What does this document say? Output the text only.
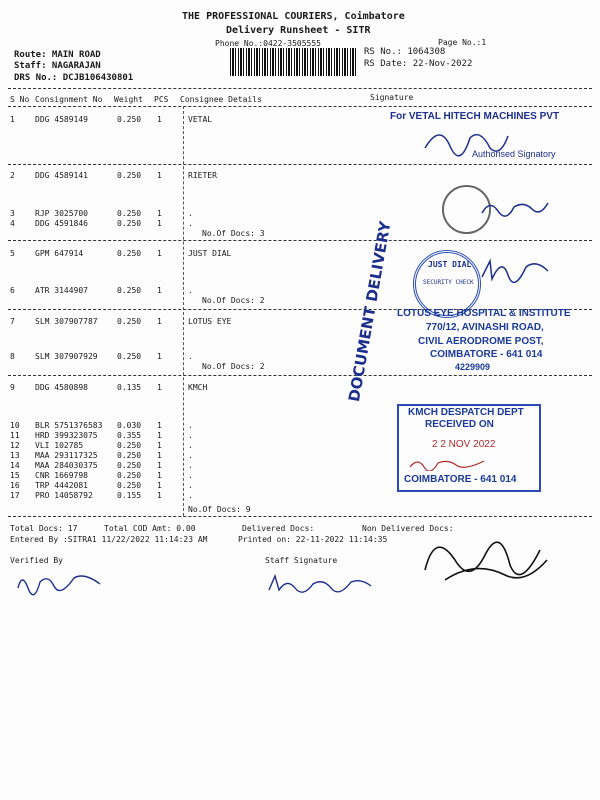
THE PROFESSIONAL COURIERS, Coimbatore
Delivery Runsheet - SITR
Phone No.:0422-3505555	Page No.:1
Route: MAIN ROAD
Staff: NAGARAJAN
DRS No.: DCJB106430801
RS No.: 1064308
RS Date: 22-Nov-2022
S No Consignment No Weight PCS Consignee Details	Signature
1	DDG 4589149	0.250 1	VETAL
2	DDG 4589141	0.250 1	RIETER
3	RJP 3025700	0.250 1	.
4	DDG 4591846	0.250 1	.
No.Of Docs: 3
5	GPM 647914	0.250 1	JUST DIAL
6	ATR 3144907	0.250 1	.
No.Of Docs: 2
7	SLM 307907787 0.250 1	LOTUS EYE
8	SLM 307907929 0.250 1	.
No.Of Docs: 2
9	DDG 4580898	0.135 1	KMCH
10 BLR 5751376583 0.030 1	.
11 HRD 399323075 0.355 1	.
12 VLI 102785	0.250 1	.
13 MAA 293117325 0.250 1	.
14 MAA 284030375 0.250 1	.
15 CNR 1669798	0.250 1	.
16 TRP 4442081	0.250 1	.
17 PRO 14058792	0.155 1	.
No.Of Docs: 9
Total Docs: 17	Total COD Amt: 0.00	Delivered Docs:	Non Delivered Docs:
Entered By :SITRA1 11/22/2022 11:14:23 AM	Printed on: 22-11-2022 11:14:35
Verified By	Staff Signature
For VETAL HITECH MACHINES PVT
Authorised Signatory
DOCUMENT DELIVERY	JUST DIAL
SECURITY CHECK
LOTUS EYE HOSPITAL & INSTITUTE
770/12, AVINASHI ROAD,
CIVIL AERODROME POST,
COIMBATORE - 641 014
4229909
KMCH DESPATCH DEPT
RECEIVED ON
2 2 NOV 2022
COIMBATORE - 641 014
